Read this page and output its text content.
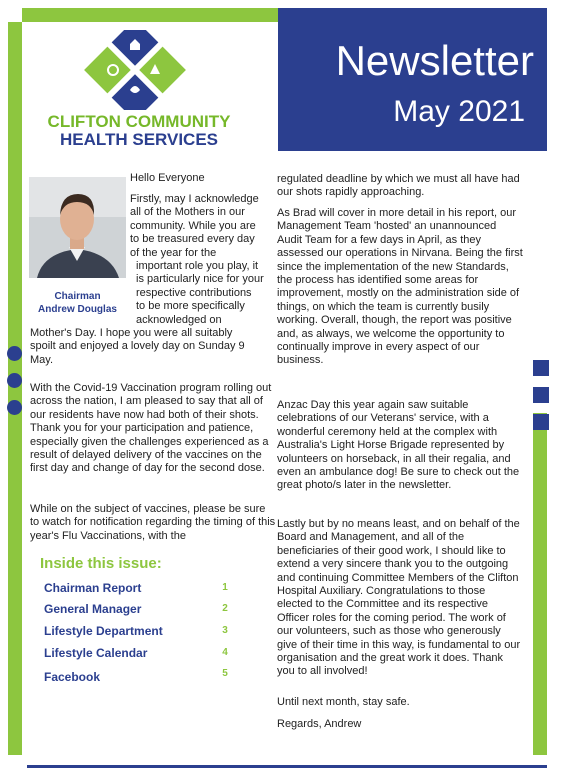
Newsletter
May 2021
CLIFTON COMMUNITY
HEALTH SERVICES
Chairman
Andrew Douglas
Hello Everyone
Firstly, may I acknowledge
all of the Mothers in our
community. While you are
to be treasured every day
of the year for the
important role you play, it
is particularly nice for your
respective contributions
to be more specifically
acknowledged on
Mother's Day. I hope you were all suitably
spoilt and enjoyed a lovely day on Sunday 9
May.

With the Covid-19 Vaccination program rolling out across the nation, I am pleased to say that all of our residents have now had both of their shots. Thank you for your participation and patience, especially given the challenges experienced as a result of delayed delivery of the vaccines on the first day and change of day for the second dose.

While on the subject of vaccines, please be sure to watch for notification regarding the timing of this year's Flu Vaccinations, with the

Inside this issue:
Chairman Report	1
General Manager	2
Lifestyle Department	3
Lifestyle Calendar	4
Facebook	5

regulated deadline by which we must all have had our shots rapidly approaching.

As Brad will cover in more detail in his report, our Management Team 'hosted' an unannounced Audit Team for a few days in April, as they assessed our operations in Nirvana. Being the first since the implementation of the new Standards, the process has identified some areas for improvement, mostly on the administration side of things, on which the team is currently busily working. Overall, though, the report was positive and, as always, we welcome the opportunity to continually improve in every aspect of our business.

Anzac Day this year again saw suitable celebrations of our Veterans' service, with a wonderful ceremony held at the complex with Australia's Light Horse Brigade represented by volunteers on horseback, in all their regalia, and even an ambulance dog! Be sure to check out the great photo/s later in the newsletter.

Lastly but by no means least, and on behalf of the Board and Management, and all of the beneficiaries of their good work, I should like to extend a very sincere thank you to the outgoing and continuing Committee Members of the Clifton Hospital Auxiliary. Congratulations to those elected to the Committee and its respective Officer roles for the coming period. The work of our volunteers, such as those who generously give of their time in this way, is fundamental to our organisation and the great work it does. Thank you to all involved!

Until next month, stay safe.

Regards, Andrew
